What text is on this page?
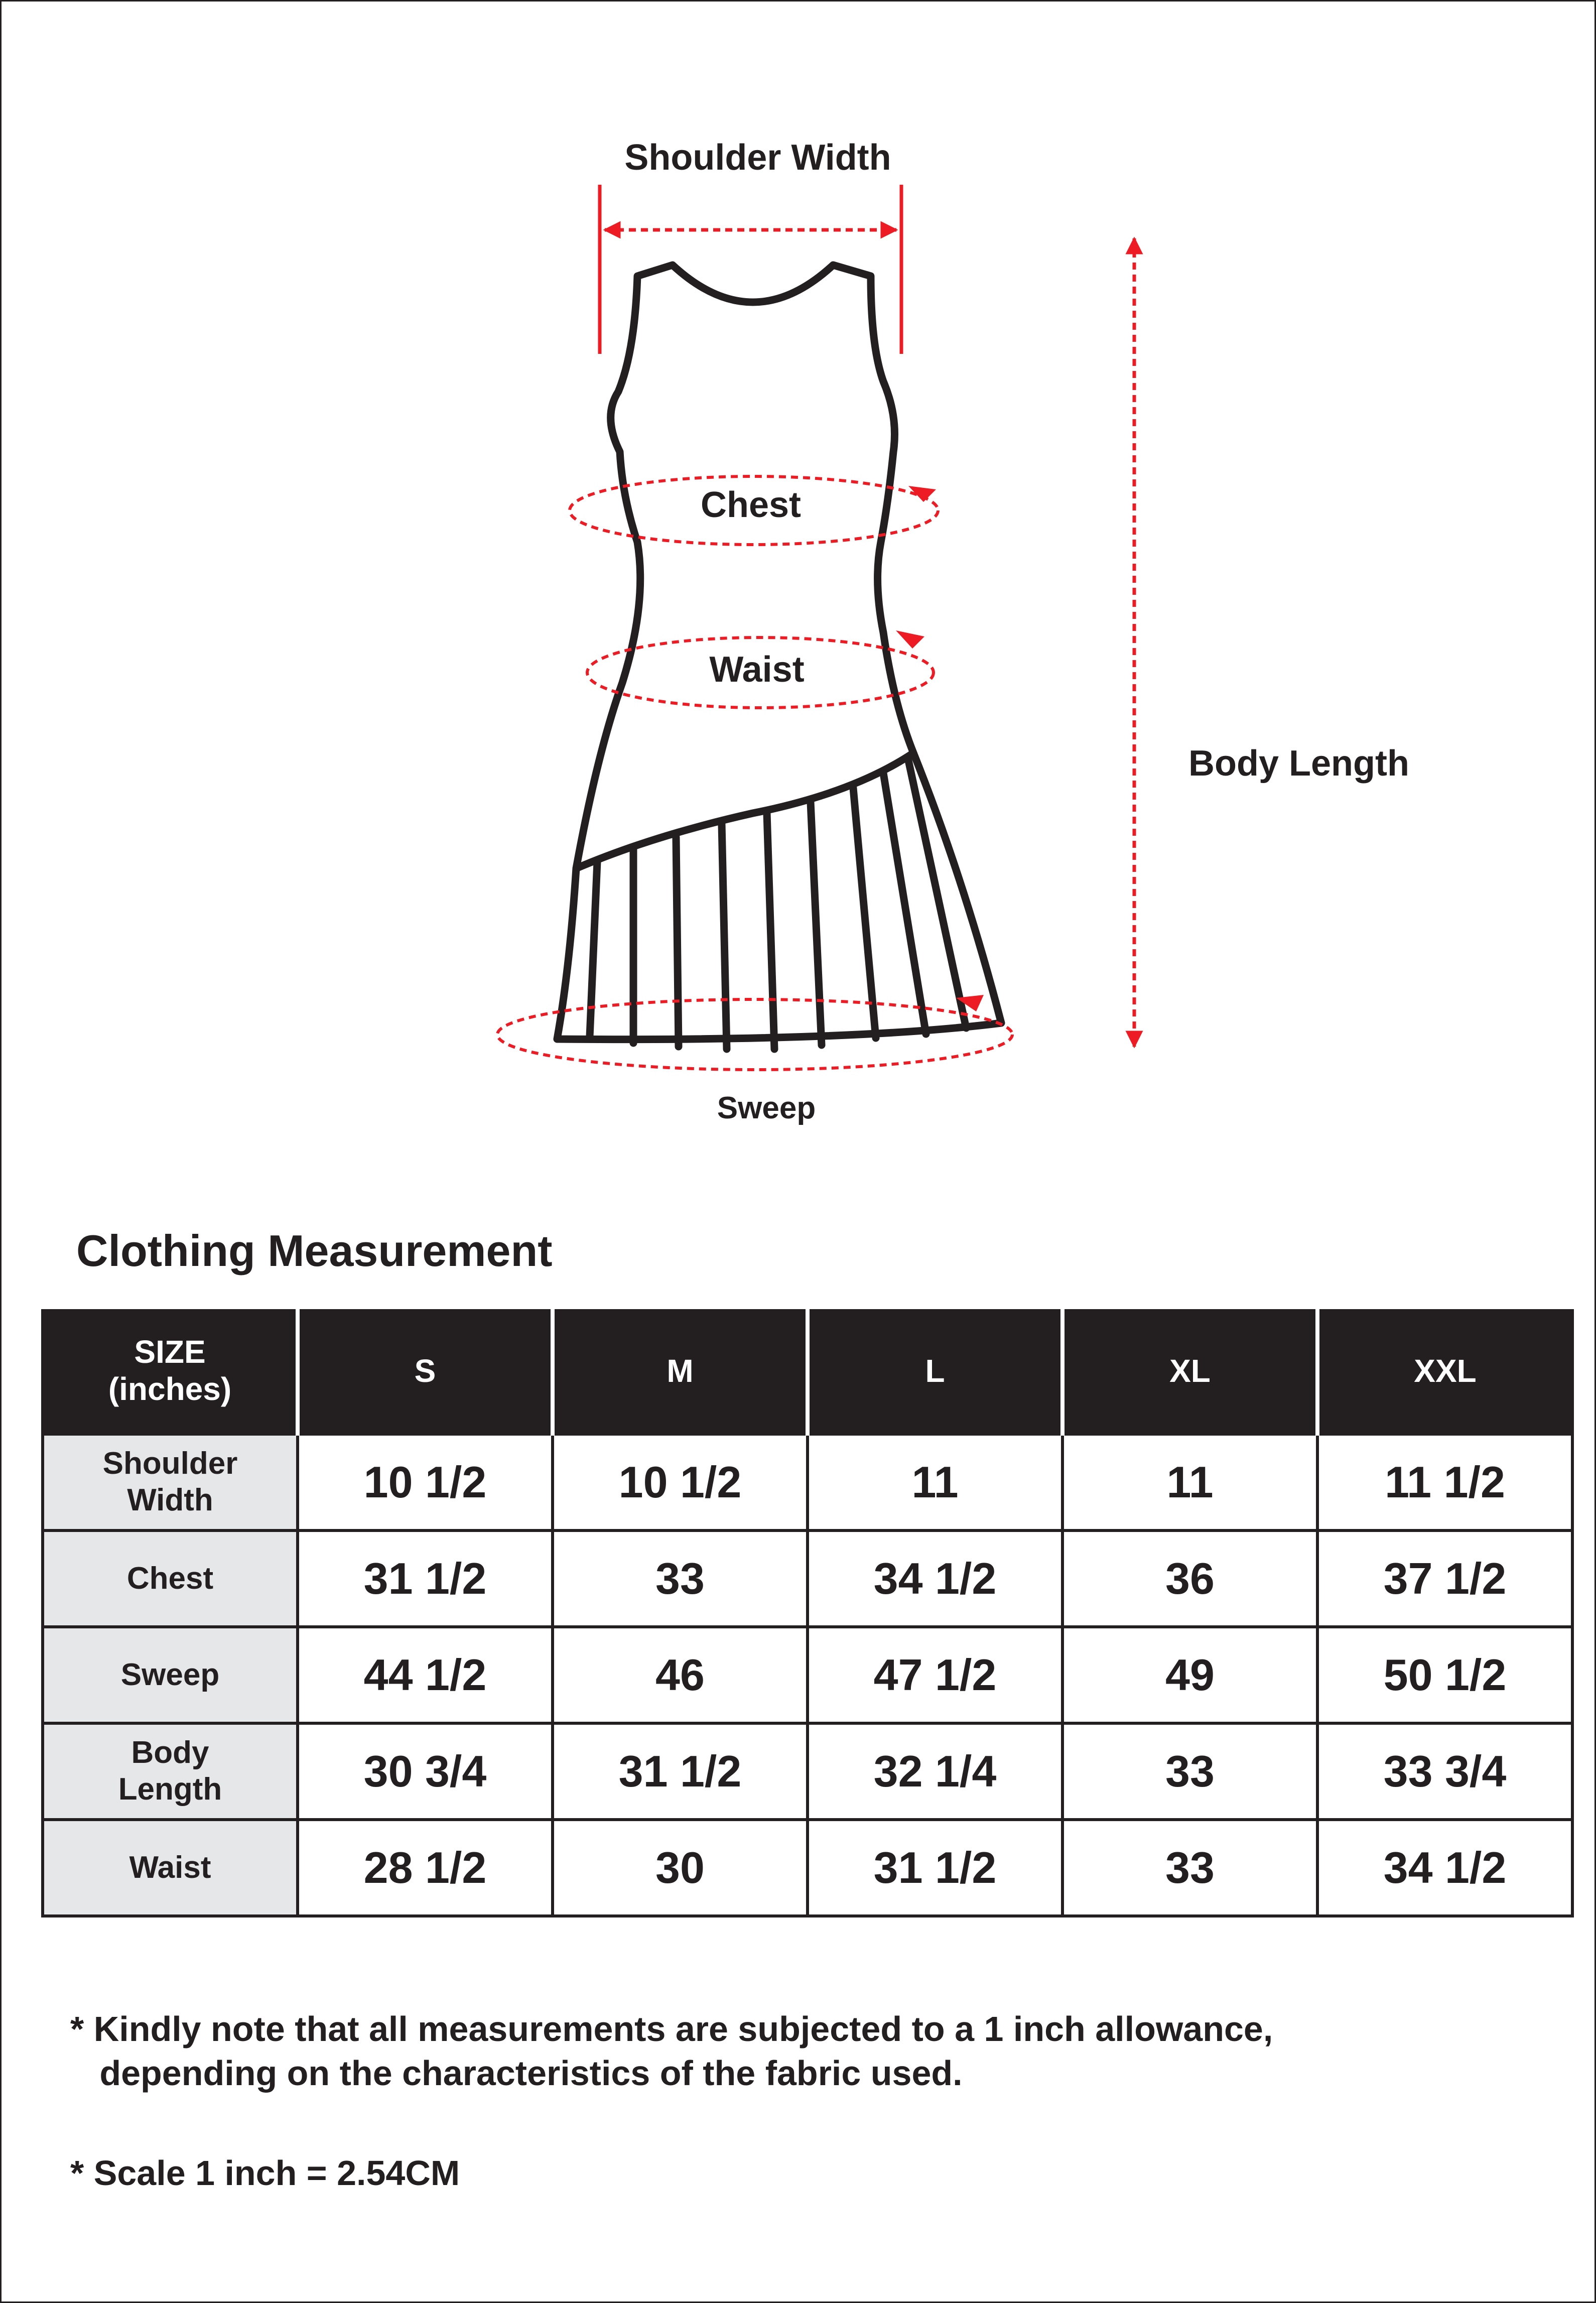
Shoulder Width
Chest
Waist
Body Length
Sweep
Clothing Measurement
SIZE
(inches)	S	M	L	XL	XXL
Shoulder
Width	10 1/2	10 1/2	11	11	11 1/2
Chest	31 1/2	33	34 1/2	36	37 1/2
Sweep	44 1/2	46	47 1/2	49	50 1/2
Body
Length	30 3/4	31 1/2	32 1/4	33	33 3/4
Waist	28 1/2	30	31 1/2	33	34 1/2
* Kindly note that all measurements are subjected to a 1 inch allowance,
depending on the characteristics of the fabric used.
* Scale 1 inch = 2.54CM
